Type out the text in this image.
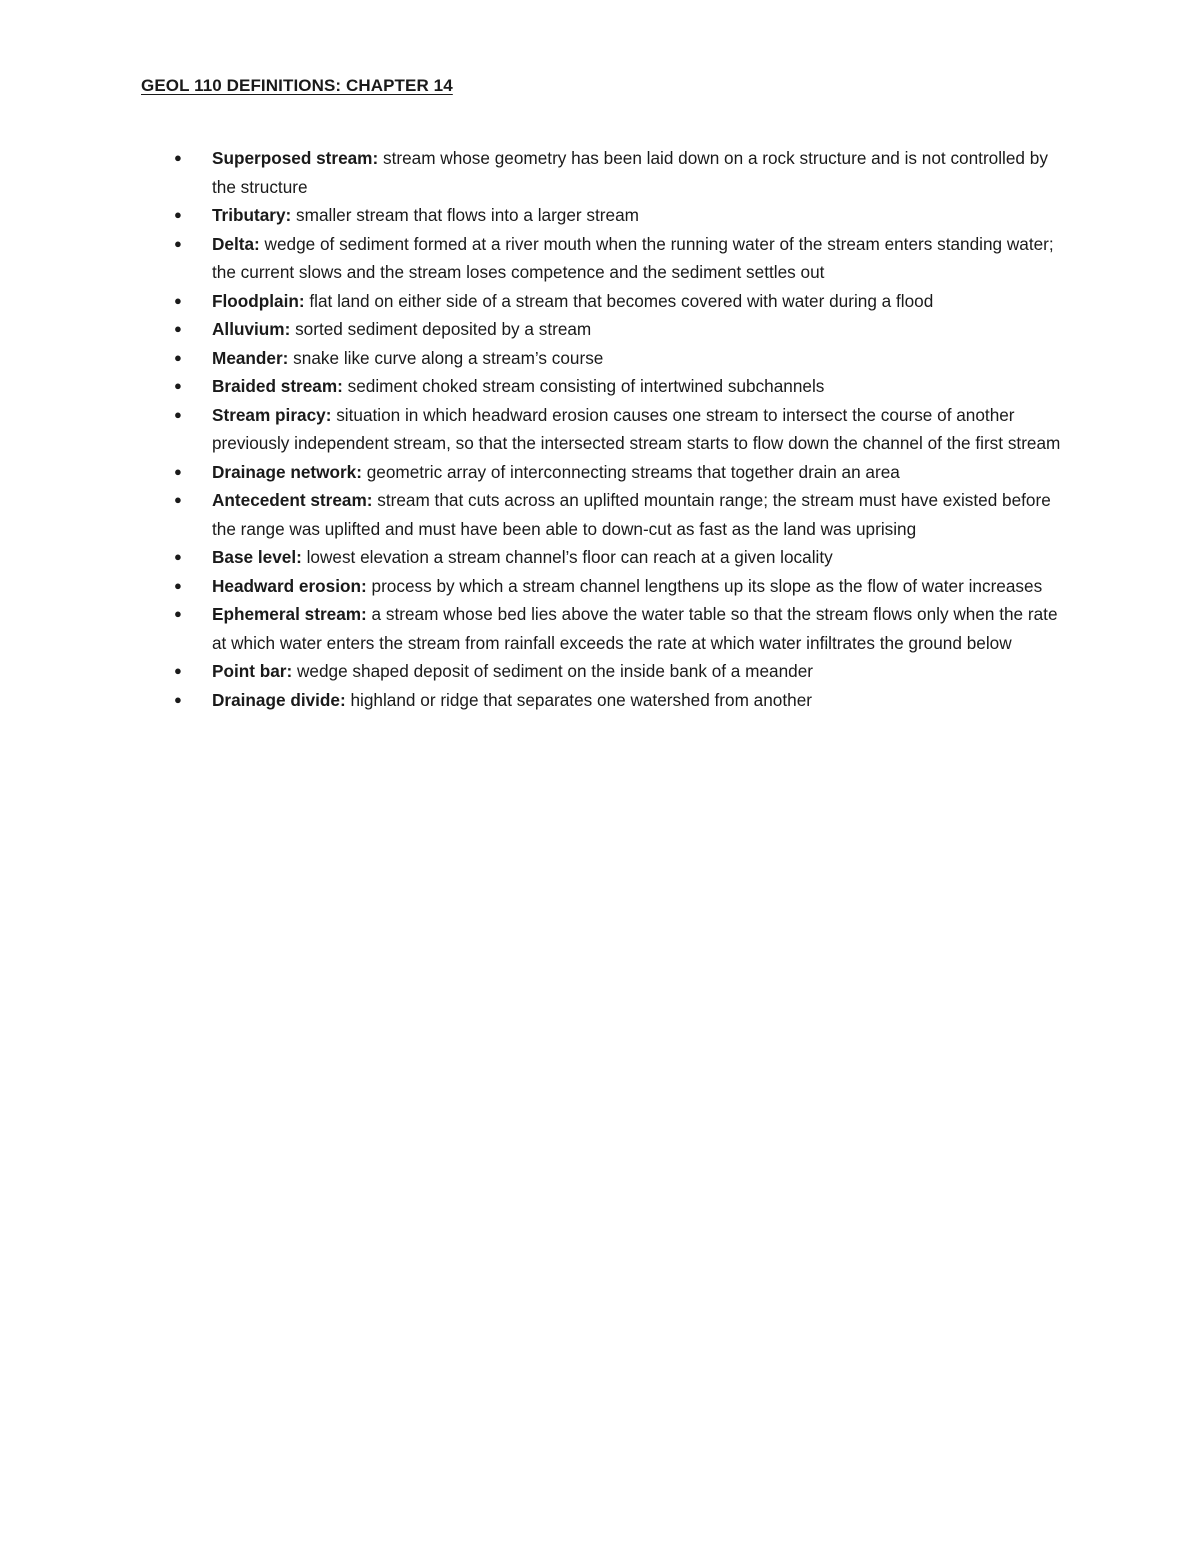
GEOL 110 DEFINITIONS: CHAPTER 14
● Superposed stream: stream whose geometry has been laid down on a rock structure and is not controlled by the structure
● Tributary: smaller stream that flows into a larger stream
● Delta: wedge of sediment formed at a river mouth when the running water of the stream enters standing water; the current slows and the stream loses competence and the sediment settles out
● Floodplain: flat land on either side of a stream that becomes covered with water during a flood
● Alluvium: sorted sediment deposited by a stream
● Meander: snake like curve along a stream’s course
● Braided stream: sediment choked stream consisting of intertwined subchannels
● Stream piracy: situation in which headward erosion causes one stream to intersect the course of another previously independent stream, so that the intersected stream starts to flow down the channel of the first stream
● Drainage network: geometric array of interconnecting streams that together drain an area
● Antecedent stream: stream that cuts across an uplifted mountain range; the stream must have existed before the range was uplifted and must have been able to down-cut as fast as the land was uprising
● Base level: lowest elevation a stream channel’s floor can reach at a given locality
● Headward erosion: process by which a stream channel lengthens up its slope as the flow of water increases
● Ephemeral stream: a stream whose bed lies above the water table so that the stream flows only when the rate at which water enters the stream from rainfall exceeds the rate at which water infiltrates the ground below
● Point bar: wedge shaped deposit of sediment on the inside bank of a meander
● Drainage divide: highland or ridge that separates one watershed from another
